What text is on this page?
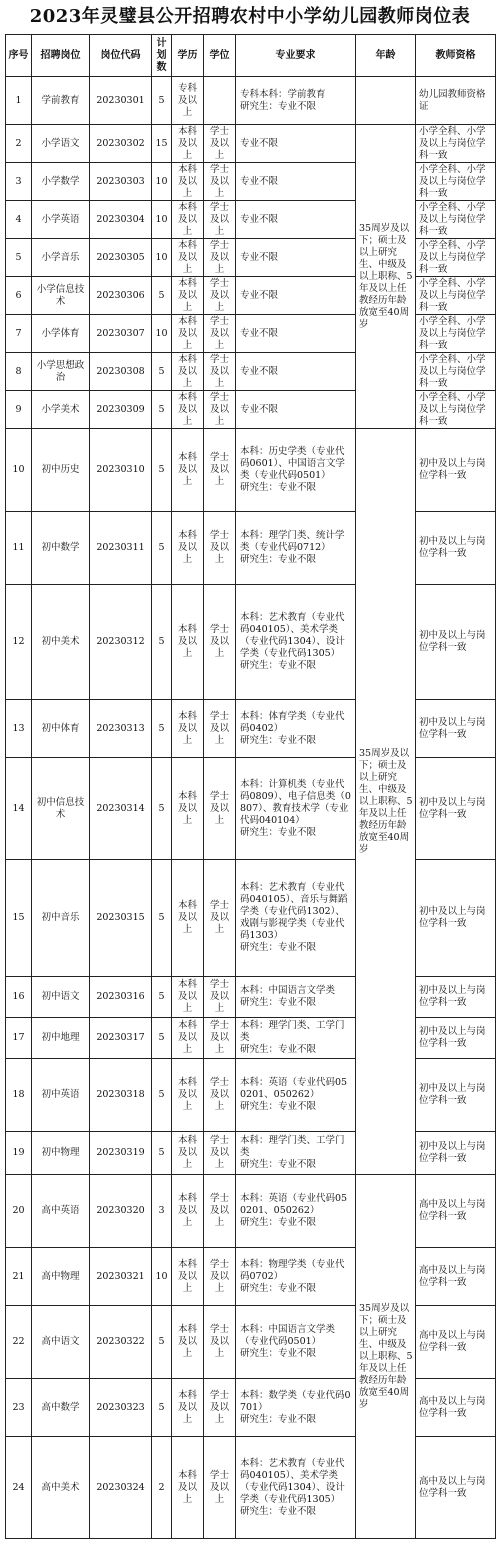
2023年灵璧县公开招聘农村中小学幼儿园教师岗位表
序号	招聘岗位	岗位代码	计划数	学历	学位	专业要求	年龄	教师资格
1	学前教育	20230301	5	专科及以上		专科本科：学前教育
研究生：专业不限		幼儿园教师资格证
2	小学语文	20230302	15	本科及以上	学士及以上	专业不限	35周岁及以下；硕士及以上研究生、中级及以上职称、5年及以上任教经历年龄放宽至40周岁	小学全科、小学及以上与岗位学科一致
3	小学数学	20230303	10	本科及以上	学士及以上	专业不限		小学全科、小学及以上与岗位学科一致
4	小学英语	20230304	10	本科及以上	学士及以上	专业不限		小学全科、小学及以上与岗位学科一致
5	小学音乐	20230305	10	本科及以上	学士及以上	专业不限		小学全科、小学及以上与岗位学科一致
6	小学信息技术	20230306	5	本科及以上	学士及以上	专业不限		小学全科、小学及以上与岗位学科一致
7	小学体育	20230307	10	本科及以上	学士及以上	专业不限		小学全科、小学及以上与岗位学科一致
8	小学思想政治	20230308	5	本科及以上	学士及以上	专业不限		小学全科、小学及以上与岗位学科一致
9	小学美术	20230309	5	本科及以上	学士及以上	专业不限		小学全科、小学及以上与岗位学科一致
10	初中历史	20230310	5	本科及以上	学士及以上	本科：历史学类（专业代码0601）、中国语言文学类（专业代码0501）
研究生：专业不限	35周岁及以下；硕士及以上研究生、中级及以上职称、5年及以上任教经历年龄放宽至40周岁	初中及以上与岗位学科一致
11	初中数学	20230311	5	本科及以上	学士及以上	本科：理学门类、统计学类（专业代码0712）
研究生：专业不限		初中及以上与岗位学科一致
12	初中美术	20230312	5	本科及以上	学士及以上	本科：艺术教育（专业代码040105）、美术学类（专业代码1304）、设计学类（专业代码1305）
研究生：专业不限		初中及以上与岗位学科一致
13	初中体育	20230313	5	本科及以上	学士及以上	本科：体育学类（专业代码0402）
研究生：专业不限		初中及以上与岗位学科一致
14	初中信息技术	20230314	5	本科及以上	学士及以上	本科：计算机类（专业代码0809）、电子信息类（0807）、教育技术学（专业代码040104）
研究生：专业不限		初中及以上与岗位学科一致
15	初中音乐	20230315	5	本科及以上	学士及以上	本科：艺术教育（专业代码040105）、音乐与舞蹈学类（专业代码1302）、戏剧与影视学类（专业代码1303）
研究生：专业不限		初中及以上与岗位学科一致
16	初中语文	20230316	5	本科及以上	学士及以上	本科：中国语言文学类
研究生：专业不限		初中及以上与岗位学科一致
17	初中地理	20230317	5	本科及以上	学士及以上	本科：理学门类、工学门类
研究生：专业不限		初中及以上与岗位学科一致
18	初中英语	20230318	5	本科及以上	学士及以上	本科：英语（专业代码050201、050262）
研究生：专业不限		初中及以上与岗位学科一致
19	初中物理	20230319	5	本科及以上	学士及以上	本科：理学门类、工学门类
研究生：专业不限		初中及以上与岗位学科一致
20	高中英语	20230320	3	本科及以上	学士及以上	本科：英语（专业代码050201、050262）
研究生：专业不限	35周岁及以下；硕士及以上研究生、中级及以上职称、5年及以上任教经历年龄放宽至40周岁	高中及以上与岗位学科一致
21	高中物理	20230321	10	本科及以上	学士及以上	本科：物理学类（专业代码0702）
研究生：专业不限		高中及以上与岗位学科一致
22	高中语文	20230322	5	本科及以上	学士及以上	本科：中国语言文学类（专业代码0501）
研究生：专业不限		高中及以上与岗位学科一致
23	高中数学	20230323	5	本科及以上	学士及以上	本科：数学类（专业代码0701）
研究生：专业不限		高中及以上与岗位学科一致
24	高中美术	20230324	2	本科及以上	学士及以上	本科：艺术教育（专业代码040105）、美术学类（专业代码1304）、设计学类（专业代码1305）
研究生：专业不限		高中及以上与岗位学科一致
